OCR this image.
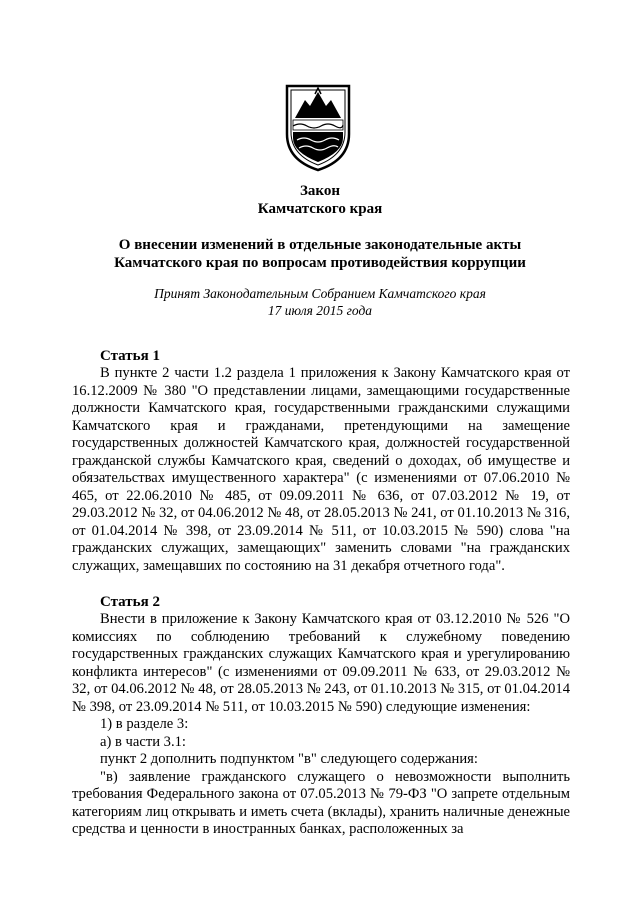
Закон
Камчатского края
О внесении изменений в отдельные законодательные акты
Камчатского края по вопросам противодействия коррупции
Принят Законодательным Собранием Камчатского края
17 июля 2015 года
Статья 1

В пункте 2 части 1.2 раздела 1 приложения к Закону Камчатского края от 16.12.2009 № 380 "О представлении лицами, замещающими государственные должности Камчатского края, государственными гражданскими служащими Камчатского края и гражданами, претендующими на замещение государственных должностей Камчатского края, должностей государственной гражданской службы Камчатского края, сведений о доходах, об имуществе и обязательствах имущественного характера" (с изменениями от 07.06.2010 № 465, от 22.06.2010 № 485, от 09.09.2011 № 636, от 07.03.2012 № 19, от 29.03.2012 № 32, от 04.06.2012 № 48, от 28.05.2013 № 241, от 01.10.2013 № 316, от 01.04.2014 № 398, от 23.09.2014 № 511, от 10.03.2015 № 590) слова "на гражданских служащих, замещающих" заменить словами "на гражданских служащих, замещавших по состоянию на 31 декабря отчетного года".

Статья 2

Внести в приложение к Закону Камчатского края от 03.12.2010 № 526 "О комиссиях по соблюдению требований к служебному поведению государственных гражданских служащих Камчатского края и урегулированию конфликта интересов" (с изменениями от 09.09.2011 № 633, от 29.03.2012 № 32, от 04.06.2012 № 48, от 28.05.2013 № 243, от 01.10.2013 № 315, от 01.04.2014 № 398, от 23.09.2014 № 511, от 10.03.2015 № 590) следующие изменения:

1) в разделе 3:

а) в части 3.1:

пункт 2 дополнить подпунктом "в" следующего содержания:

"в) заявление гражданского служащего о невозможности выполнить требования Федерального закона от 07.05.2013 № 79-ФЗ "О запрете отдельным категориям лиц открывать и иметь счета (вклады), хранить наличные денежные средства и ценности в иностранных банках, расположенных за
